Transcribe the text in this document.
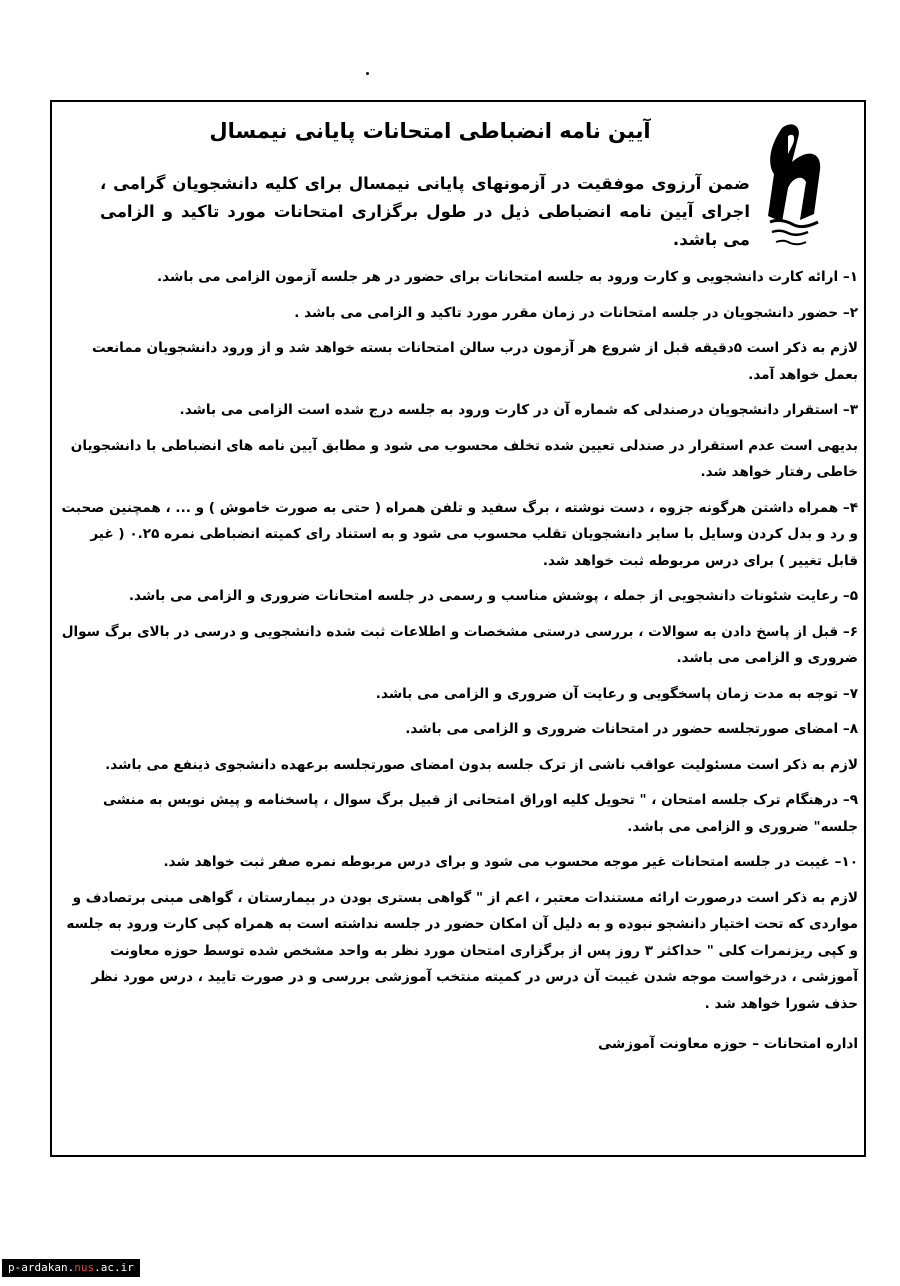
آیین نامه انضباطی امتحانات پایانی نیمسال
ضمن آرزوی موفقیت در آزمونهای پایانی نیمسال برای کلیه دانشجویان گرامی ، اجرای آیین نامه انضباطی ذیل در طول برگزاری امتحانات مورد تاکید و الزامی می باشد.

۱– ارائه کارت دانشجویی و کارت ورود به جلسه امتحانات برای حضور در هر جلسه آزمون الزامی می باشد.

۲– حضور دانشجویان در جلسه امتحانات در زمان مقرر مورد تاکید و الزامی می باشد .

لازم به ذکر است ۵دقیقه قبل از شروع هر آزمون درب سالن امتحانات بسته خواهد شد و از ورود دانشجویان ممانعت بعمل خواهد آمد.

۳– استقرار دانشجویان درصندلی که شماره آن در کارت ورود به جلسه درج شده است الزامی می باشد.

بدیهی است عدم استقرار در صندلی تعیین شده تخلف محسوب می شود و مطابق آیین نامه های انضباطی با دانشجویان خاطی رفتار خواهد شد.

۴– همراه داشتن هرگونه جزوه ، دست نوشته ، برگ سفید و تلفن همراه ( حتی به صورت خاموش ) و ... ، همچنین صحبت و رد و بدل کردن وسایل با سایر دانشجویان تقلب محسوب می شود و به استناد رای کمیته انضباطی نمره ۰.۲۵ ( غیر قابل تغییر ) برای درس مربوطه ثبت خواهد شد.

۵– رعایت شئونات دانشجویی از جمله ، پوشش مناسب و رسمی در جلسه امتحانات ضروری و الزامی می باشد.

۶– قبل از پاسخ دادن به سوالات ، بررسی درستی مشخصات و اطلاعات ثبت شده دانشجویی و درسی در بالای برگ سوال ضروری و الزامی می باشد.

۷– توجه به مدت زمان پاسخگویی و رعایت آن ضروری و الزامی می باشد.

۸– امضای صورتجلسه حضور در امتحانات ضروری و الزامی می باشد.

لازم به ذکر است مسئولیت عواقب ناشی از ترک جلسه بدون امضای صورتجلسه برعهده دانشجوی ذینفع می باشد.

۹– درهنگام ترک جلسه امتحان ، " تحویل کلیه اوراق امتحانی از قبیل برگ سوال ، پاسخنامه و پیش نویس به منشی جلسه" ضروری و الزامی می باشد.

۱۰– غیبت در جلسه امتحانات غیر موجه محسوب می شود و برای درس مربوطه نمره صفر ثبت خواهد شد.

لازم به ذکر است درصورت ارائه مستندات معتبر ، اعم از " گواهی بستری بودن در بیمارستان ، گواهی مبنی برتصادف و مواردی که تحت اختیار دانشجو نبوده و به دلیل آن امکان حضور در جلسه نداشته است به همراه کپی کارت ورود به جلسه و کپی ریزنمرات کلی " حداکثر ۳ روز پس از برگزاری امتحان مورد نظر به واحد مشخص شده توسط حوزه معاونت آموزشی ، درخواست موجه شدن غیبت آن درس در کمیته منتخب آموزشی بررسی و در صورت تایید ، درس مورد نظر حذف شورا خواهد شد .

اداره امتحانات – حوزه معاونت آموزشی

p-ardakan.nus.ac.ir
